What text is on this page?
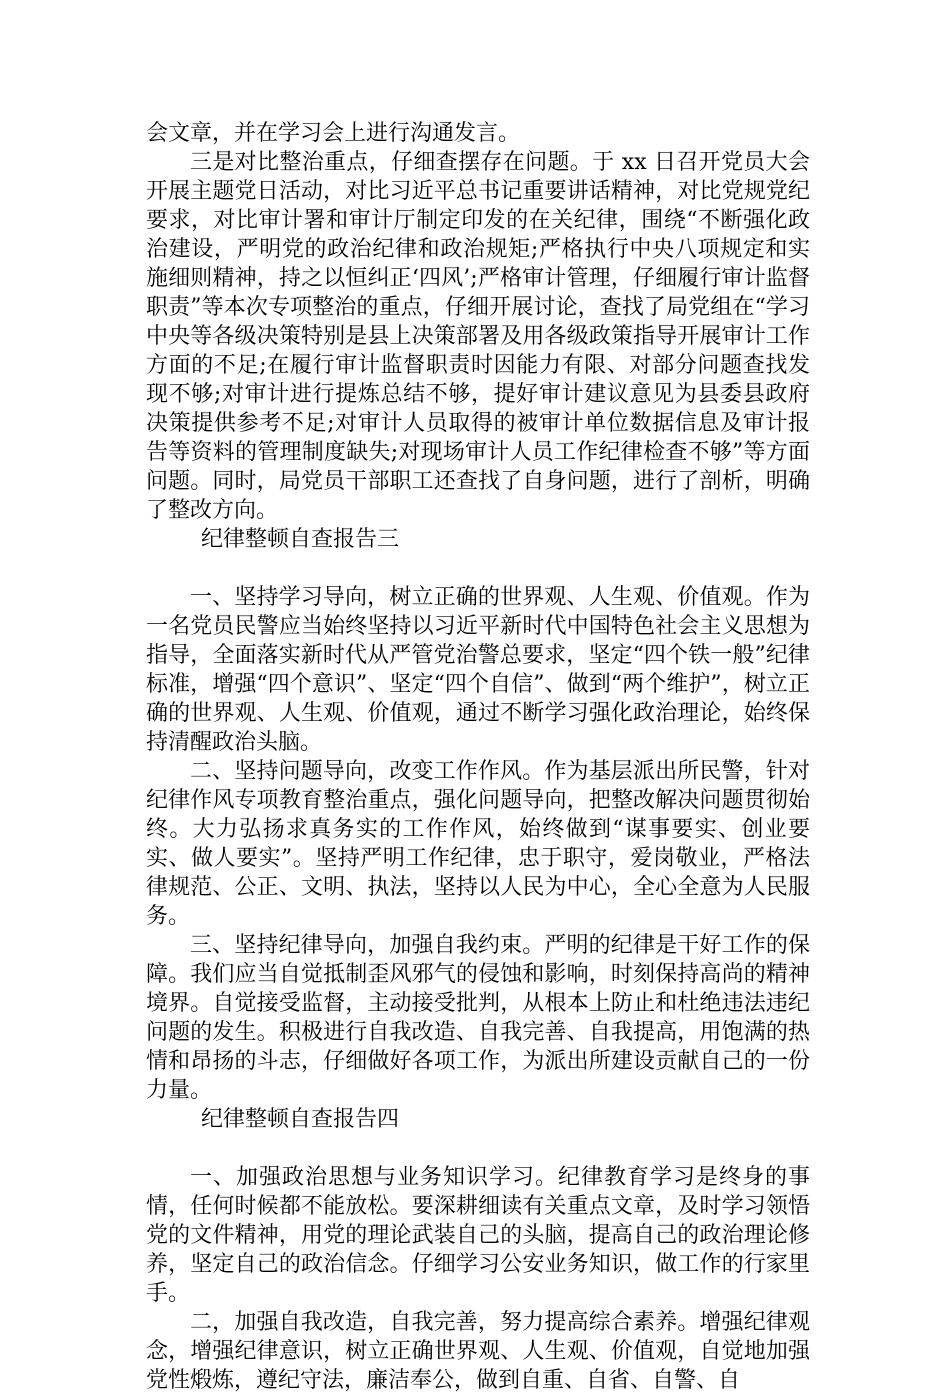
会文章，并在学习会上进行沟通发言。

三是对比整治重点，仔细查摆存在问题。于 xx 日召开党员大会开展主题党日活动，对比习近平总书记重要讲话精神，对比党规党纪要求，对比审计署和审计厅制定印发的在关纪律，围绕“不断强化政治建设，严明党的政治纪律和政治规矩;严格执行中央八项规定和实施细则精神，持之以恒纠正‘四风’;严格审计管理，仔细履行审计监督职责”等本次专项整治的重点，仔细开展讨论，查找了局党组在“学习中央等各级决策特别是县上决策部署及用各级政策指导开展审计工作方面的不足;在履行审计监督职责时因能力有限、对部分问题查找发现不够;对审计进行提炼总结不够，提好审计建议意见为县委县政府决策提供参考不足;对审计人员取得的被审计单位数据信息及审计报告等资料的管理制度缺失;对现场审计人员工作纪律检查不够”等方面问题。同时，局党员干部职工还查找了自身问题，进行了剖析，明确了整改方向。

纪律整顿自查报告三

一、坚持学习导向，树立正确的世界观、人生观、价值观。作为一名党员民警应当始终坚持以习近平新时代中国特色社会主义思想为指导，全面落实新时代从严管党治警总要求，坚定“四个铁一般”纪律标准，增强“四个意识”、坚定“四个自信”、做到“两个维护”，树立正确的世界观、人生观、价值观，通过不断学习强化政治理论，始终保持清醒政治头脑。

二、坚持问题导向，改变工作作风。作为基层派出所民警，针对纪律作风专项教育整治重点，强化问题导向，把整改解决问题贯彻始终。大力弘扬求真务实的工作作风，始终做到“谋事要实、创业要实、做人要实”。坚持严明工作纪律，忠于职守，爱岗敬业，严格法律规范、公正、文明、执法，坚持以人民为中心，全心全意为人民服务。

三、坚持纪律导向，加强自我约束。严明的纪律是干好工作的保障。我们应当自觉抵制歪风邪气的侵蚀和影响，时刻保持高尚的精神境界。自觉接受监督，主动接受批判，从根本上防止和杜绝违法违纪问题的发生。积极进行自我改造、自我完善、自我提高，用饱满的热情和昂扬的斗志，仔细做好各项工作，为派出所建设贡献自己的一份力量。

纪律整顿自查报告四

一、加强政治思想与业务知识学习。纪律教育学习是终身的事情，任何时候都不能放松。要深耕细读有关重点文章，及时学习领悟党的文件精神，用党的理论武装自己的头脑，提高自己的政治理论修养，坚定自己的政治信念。仔细学习公安业务知识，做工作的行家里手。

二，加强自我改造，自我完善，努力提高综合素养。增强纪律观念，增强纪律意识，树立正确世界观、人生观、价值观，自觉地加强党性煅炼，遵纪守法，廉洁奉公，做到自重、自省、自警、自
